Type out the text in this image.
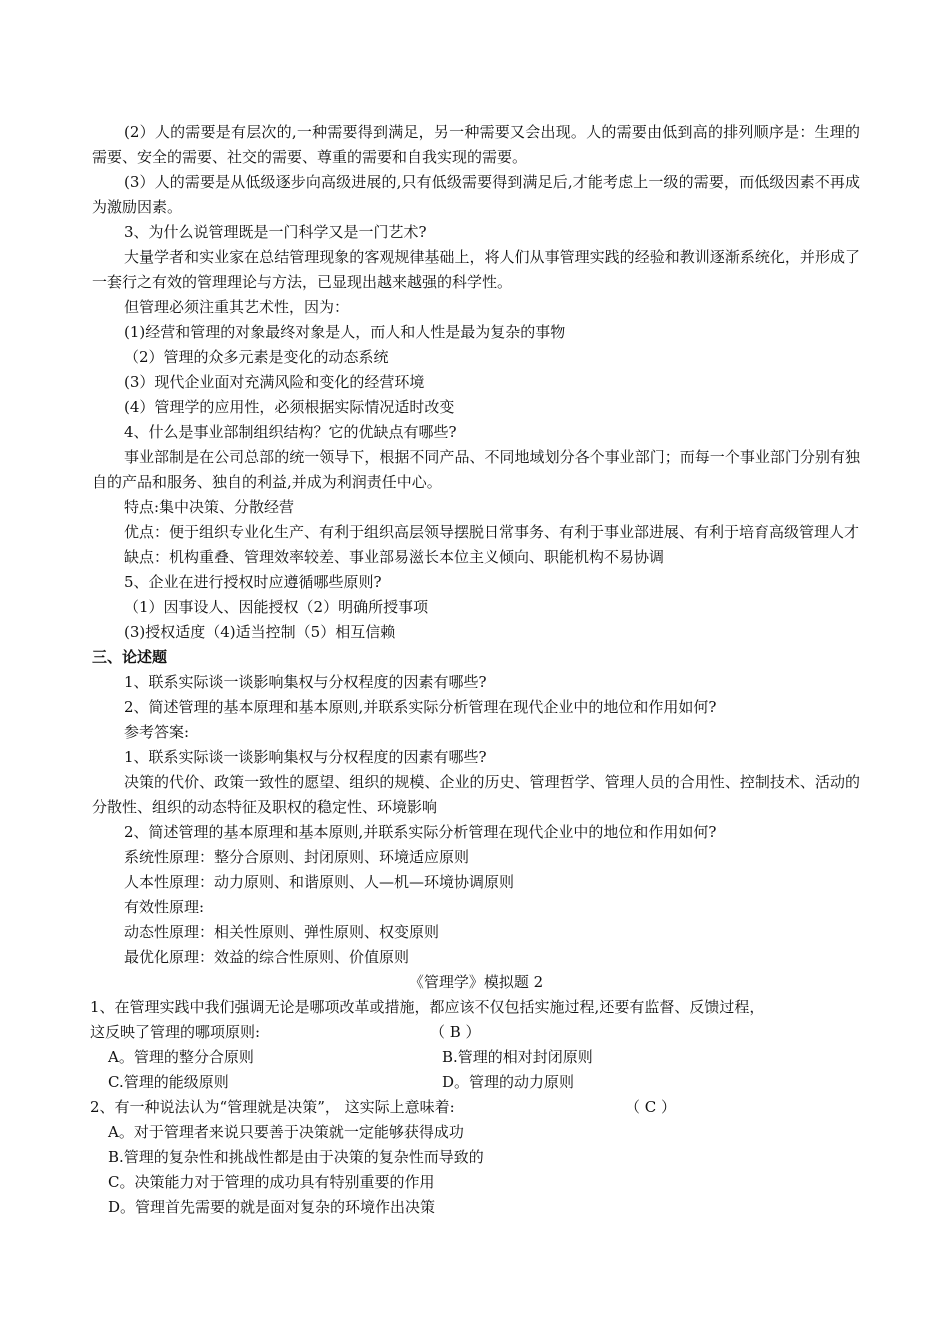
(2）人的需要是有层次的,一种需要得到满足，另一种需要又会出现。人的需要由低到高的排列顺序是：生理的需要、安全的需要、社交的需要、尊重的需要和自我实现的需要。

(3）人的需要是从低级逐步向高级进展的,只有低级需要得到满足后,才能考虑上一级的需要，而低级因素不再成为激励因素。

3、为什么说管理既是一门科学又是一门艺术?

大量学者和实业家在总结管理现象的客观规律基础上，将人们从事管理实践的经验和教训逐渐系统化，并形成了一套行之有效的管理理论与方法，已显现出越来越强的科学性。

但管理必须注重其艺术性，因为：

(1)经营和管理的对象最终对象是人，而人和人性是最为复杂的事物

（2）管理的众多元素是变化的动态系统

(3）现代企业面对充满风险和变化的经营环境

(4）管理学的应用性，必须根据实际情况适时改变

4、什么是事业部制组织结构？它的优缺点有哪些?

事业部制是在公司总部的统一领导下，根据不同产品、不同地域划分各个事业部门；而每一个事业部门分别有独自的产品和服务、独自的利益,并成为利润责任中心。

特点:集中决策、分散经营

优点：便于组织专业化生产、有利于组织高层领导摆脱日常事务、有利于事业部进展、有利于培育高级管理人才

缺点：机构重叠、管理效率较差、事业部易滋长本位主义倾向、职能机构不易协调

5、企业在进行授权时应遵循哪些原则?

（1）因事设人、因能授权（2）明确所授事项

(3)授权适度（4)适当控制（5）相互信赖

三、论述题

1、联系实际谈一谈影响集权与分权程度的因素有哪些?

2、简述管理的基本原理和基本原则,并联系实际分析管理在现代企业中的地位和作用如何?

参考答案:

1、联系实际谈一谈影响集权与分权程度的因素有哪些?

决策的代价、政策一致性的愿望、组织的规模、企业的历史、管理哲学、管理人员的合用性、控制技术、活动的分散性、组织的动态特征及职权的稳定性、环境影响

2、简述管理的基本原理和基本原则,并联系实际分析管理在现代企业中的地位和作用如何?

系统性原理：整分合原则、封闭原则、环境适应原则

人本性原理：动力原则、和谐原则、人—机—环境协调原则

有效性原理:

动态性原理：相关性原则、弹性原则、权变原则

最优化原理：效益的综合性原则、价值原则

《管理学》模拟题 2

1、在管理实践中我们强调无论是哪项改革或措施，都应该不仅包括实施过程,还要有监督、反馈过程，

这反映了管理的哪项原则:	（ B ）

A。管理的整分合原则	B.管理的相对封闭原则
C.管理的能级原则	D。管理的动力原则

2、有一种说法认为“管理就是决策”， 这实际上意味着:	（ C ）

A。对于管理者来说只要善于决策就一定能够获得成功
B.管理的复杂性和挑战性都是由于决策的复杂性而导致的
C。决策能力对于管理的成功具有特别重要的作用
D。管理首先需要的就是面对复杂的环境作出决策
